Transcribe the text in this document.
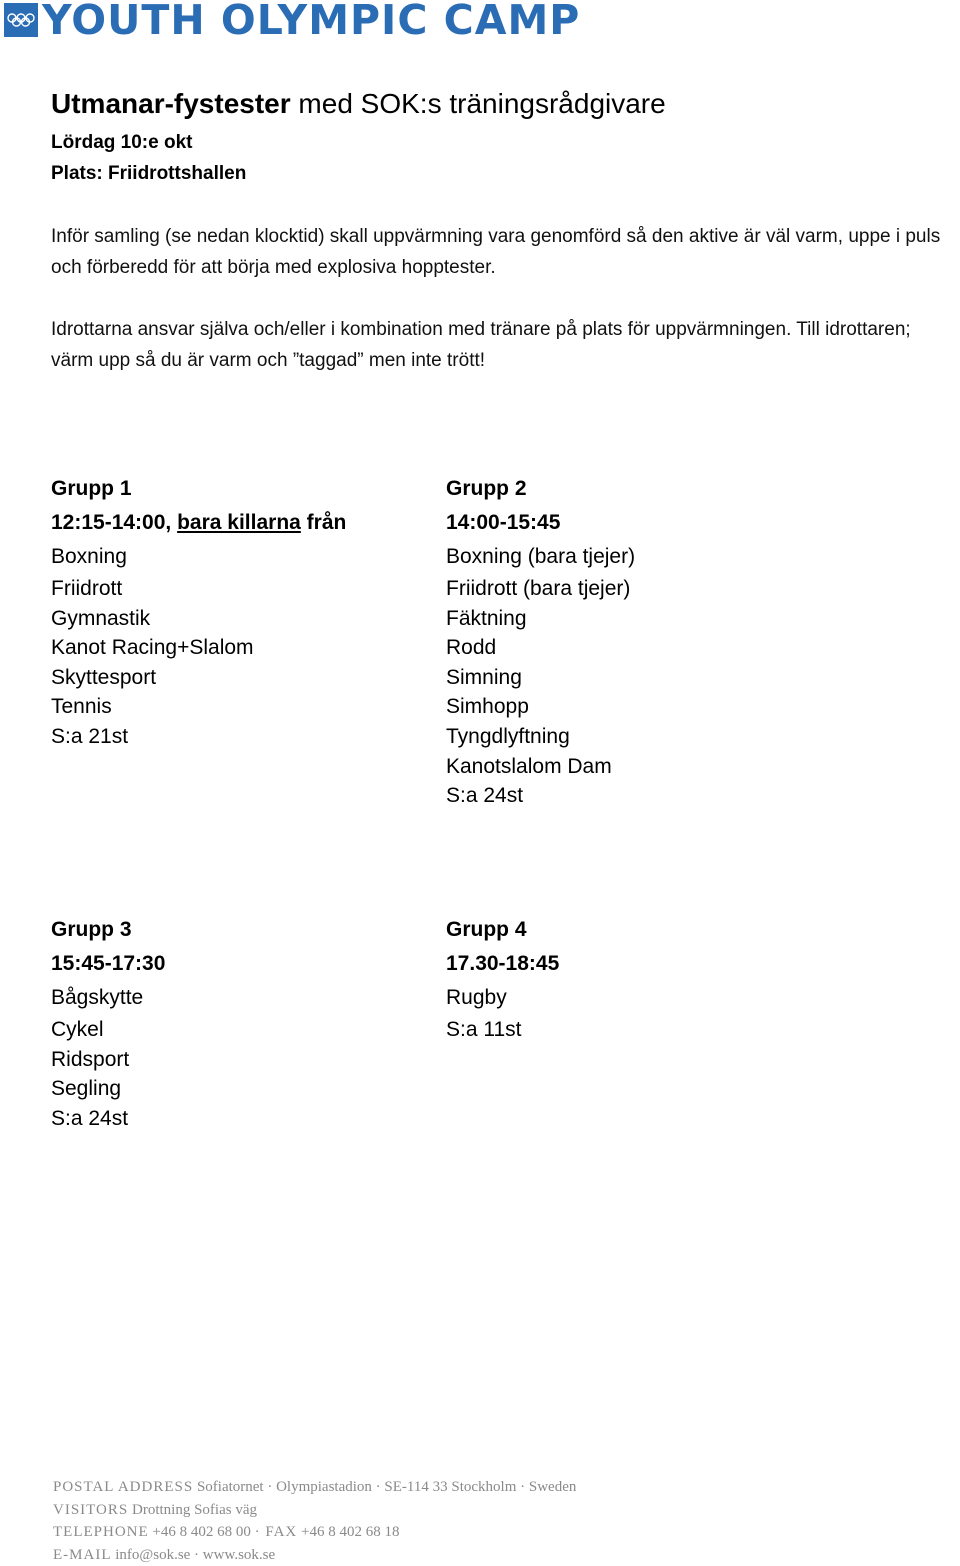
YOUTH OLYMPIC CAMP
Utmanar-fystester med SOK:s träningsrådgivare
Lördag 10:e okt
Plats: Friidrottshallen
Inför samling (se nedan klocktid) skall uppvärmning vara genomförd så den aktive är väl varm, uppe i puls och förberedd för att börja med explosiva hopptester.
Idrottarna ansvar själva och/eller i kombination med tränare på plats för uppvärmningen. Till idrottaren; värm upp så du är varm och ”taggad” men inte trött!
Grupp 1
12:15-14:00, bara killarna från
Boxning
Friidrott
Gymnastik
Kanot Racing+Slalom
Skyttesport
Tennis
S:a 21st
Grupp 2
14:00-15:45
Boxning (bara tjejer)
Friidrott (bara tjejer)
Fäktning
Rodd
Simning
Simhopp
Tyngdlyftning
Kanotslalom Dam
S:a 24st
Grupp 3
15:45-17:30
Bågskytte
Cykel
Ridsport
Segling
S:a 24st
Grupp 4
17.30-18:45
Rugby
S:a 11st
POSTAL ADDRESS Sofiatornet · Olympiastadion · SE-114 33 Stockholm · Sweden
VISITORS Drottning Sofias väg
TELEPHONE +46 8 402 68 00 · FAX +46 8 402 68 18
E-MAIL info@sok.se · www.sok.se
